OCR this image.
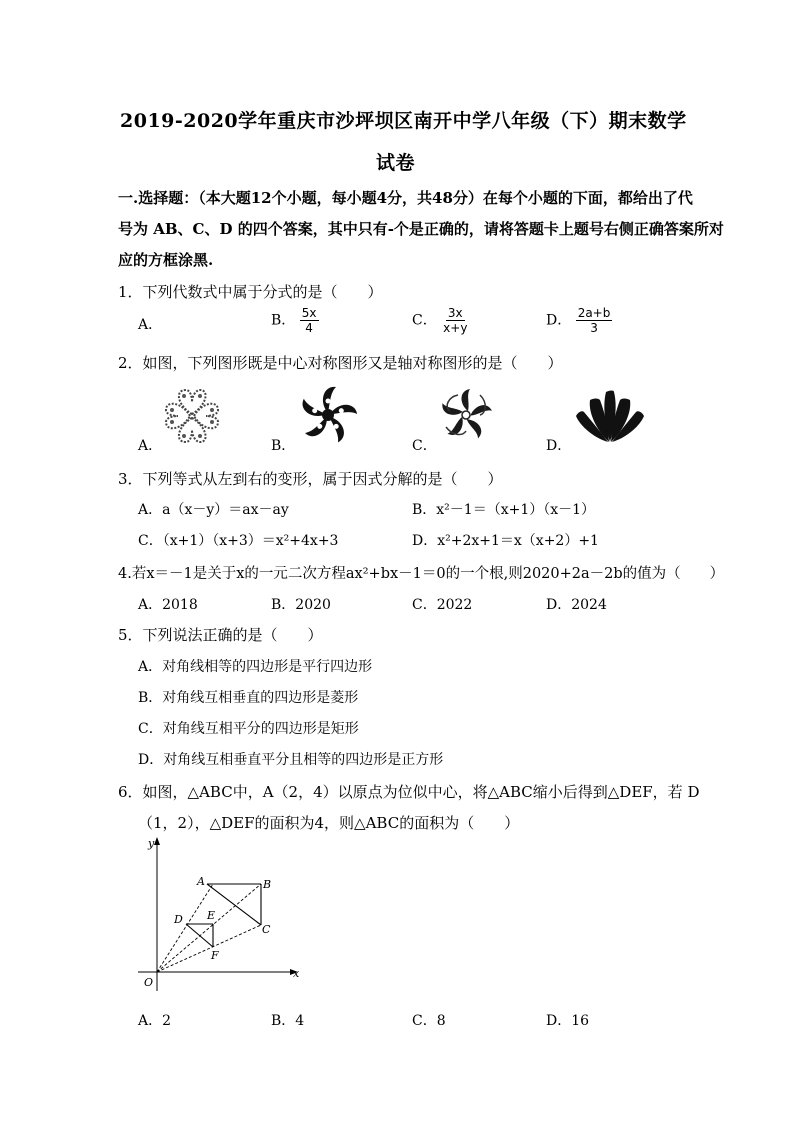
2019-2020学年重庆市沙坪坝区南开中学八年级（下）期末数学
试卷
一.选择题：（本大题12个小题，每小题4分，共48分）在每个小题的下面，都给出了代
号为 AB、C、D 的四个答案，其中只有-个是正确的，请将答题卡上题号右侧正确答案所对
应的方框涂黑.
1．下列代数式中属于分式的是（　　）
A．	B． $\frac{5x}{4}$	C． $\frac{3x}{x+y}$	D． $\frac{2a+b}{3}$
2．如图，下列图形既是中心对称图形又是轴对称图形的是（　　）
A．	B．	C．	D．
3．下列等式从左到右的变形，属于因式分解的是（　　）
A．a（x－y）＝ax－ay	B．x²－1＝（x+1）（x－1）
C．（x+1）（x+3）＝x²+4x+3	D．x²+2x+1＝x（x+2）+1
4.若x＝－1是关于x的一元二次方程ax²+bx－1＝0的一个根,则2020+2a－2b的值为（　　）
A．2018	B．2020	C．2022	D．2024
5．下列说法正确的是（　　）
A．对角线相等的四边形是平行四边形
B．对角线互相垂直的四边形是菱形
C．对角线互相平分的四边形是矩形
D．对角线互相垂直平分且相等的四边形是正方形
6．如图，△ABC中，A（2，4）以原点为位似中心，将△ABC缩小后得到△DEF，若 D
（1，2），△DEF的面积为4，则△ABC的面积为（　　）
y
x
O
A	B
C
D E
F
A．2	B．4	C．8	D．16
